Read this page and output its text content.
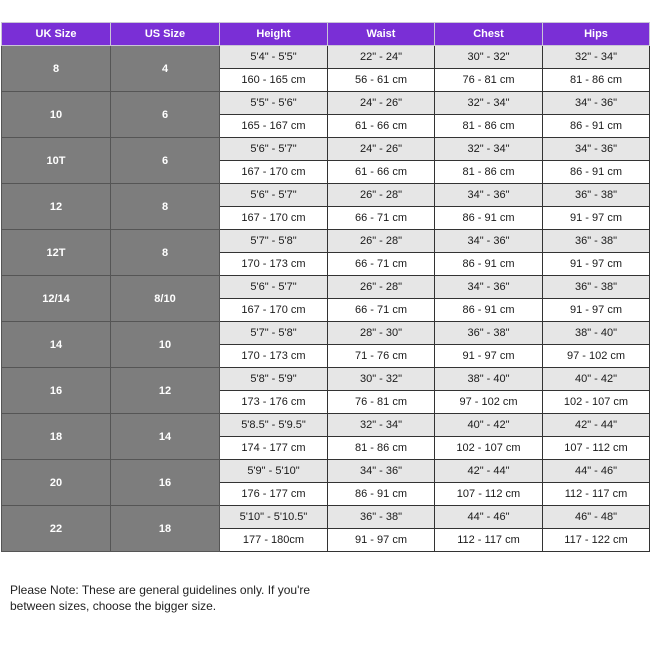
UK Size	US Size	Height	Waist	Chest	Hips
8	4	5'4" - 5'5"	22" - 24"	30" - 32"	32" - 34"
		160 - 165 cm	56 - 61 cm	76 - 81 cm	81 - 86 cm
10	6	5'5" - 5'6"	24" - 26"	32" - 34"	34" - 36"
		165 - 167 cm	61 - 66 cm	81 - 86 cm	86 - 91 cm
10T	6	5'6" - 5'7"	24" - 26"	32" - 34"	34" - 36"
		167 - 170 cm	61 - 66 cm	81 - 86 cm	86 - 91 cm
12	8	5'6" - 5'7"	26" - 28"	34" - 36"	36" - 38"
		167 - 170 cm	66 - 71 cm	86 - 91 cm	91 - 97 cm
12T	8	5'7" - 5'8"	26" - 28"	34" - 36"	36" - 38"
		170 - 173 cm	66 - 71 cm	86 - 91 cm	91 - 97 cm
12/14	8/10	5'6" - 5'7"	26" - 28"	34" - 36"	36" - 38"
		167 - 170 cm	66 - 71 cm	86 - 91 cm	91 - 97 cm
14	10	5'7" - 5'8"	28" - 30"	36" - 38"	38" - 40"
		170 - 173 cm	71 - 76 cm	91 - 97 cm	97 - 102 cm
16	12	5'8" - 5'9"	30" - 32"	38" - 40"	40" - 42"
		173 - 176 cm	76 - 81 cm	97 - 102 cm	102 - 107 cm
18	14	5'8.5" - 5'9.5"	32" - 34"	40" - 42"	42" - 44"
		174 - 177 cm	81 - 86 cm	102 - 107 cm	107 - 112 cm
20	16	5'9" - 5'10"	34" - 36"	42" - 44"	44" - 46"
		176 - 177 cm	86 - 91 cm	107 - 112 cm	112 - 117 cm
22	18	5'10" - 5'10.5"	36" - 38"	44" - 46"	46" - 48"
		177 - 180cm	91 - 97 cm	112 - 117 cm	117 - 122 cm
Please Note: These are general guidelines only. If you're
between sizes, choose the bigger size.
